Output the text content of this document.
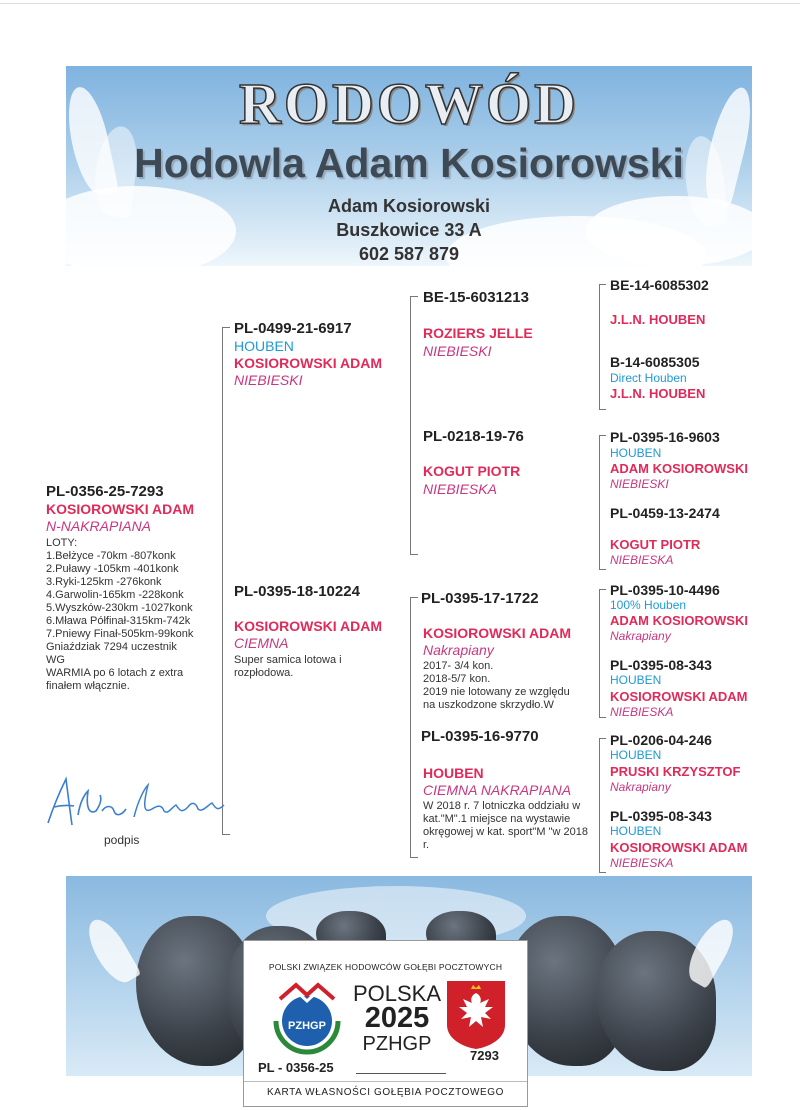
RODOWÓD
Hodowla Adam Kosiorowski
Adam Kosiorowski
Buszkowice 33 A
602 587 879
PL-0356-25-7293
KOSIOROWSKI ADAM
N-NAKRAPIANA
LOTY:
1.Bełżyce -70km -807konk
2.Puławy -105km -401konk
3.Ryki-125km -276konk
4.Garwolin-165km -228konk
5.Wyszków-230km -1027konk
6.Mława Półfinał-315km-742k
7.Pniewy Finał-505km-99konk
Gniaździak 7294 uczestnik
WG
WARMIA po 6 lotach z extra
finałem włącznie.
PL-0499-21-6917
HOUBEN
KOSIOROWSKI ADAM
NIEBIESKI
PL-0395-18-10224
KOSIOROWSKI ADAM
CIEMNA
Super samica lotowa i rozpłodowa.
BE-15-6031213
ROZIERS JELLE
NIEBIESKI
PL-0218-19-76
KOGUT PIOTR
NIEBIESKA
PL-0395-17-1722
KOSIOROWSKI ADAM
Nakrapiany
2017- 3/4 kon.
2018-5/7 kon.
2019 nie lotowany ze względu
na uszkodzone skrzydło.W
PL-0395-16-9770
HOUBEN
CIEMNA NAKRAPIANA
W 2018 r. 7 lotniczka oddziału w kat."M".1 miejsce na wystawie okręgowej w kat. sport"M "w 2018 r.
BE-14-6085302
J.L.N. HOUBEN
B-14-6085305
Direct Houben
J.L.N. HOUBEN
PL-0395-16-9603
HOUBEN
ADAM KOSIOROWSKI
NIEBIESKI
PL-0459-13-2474
KOGUT PIOTR
NIEBIESKA
PL-0395-10-4496
100% Houben
ADAM KOSIOROWSKI
Nakrapiany
PL-0395-08-343
HOUBEN
KOSIOROWSKI ADAM
NIEBIESKA
PL-0206-04-246
HOUBEN
PRUSKI KRZYSZTOF
Nakrapiany
PL-0395-08-343
HOUBEN
KOSIOROWSKI ADAM
NIEBIESKA
podpis
POLSKI ZWIĄZEK HODOWCÓW GOŁĘBI POCZTOWYCH
PZHGP
POLSKA
2025
PZHGP
PL - 0356-25
7293
KARTA WŁASNOŚCI GOŁĘBIA POCZTOWEGO
